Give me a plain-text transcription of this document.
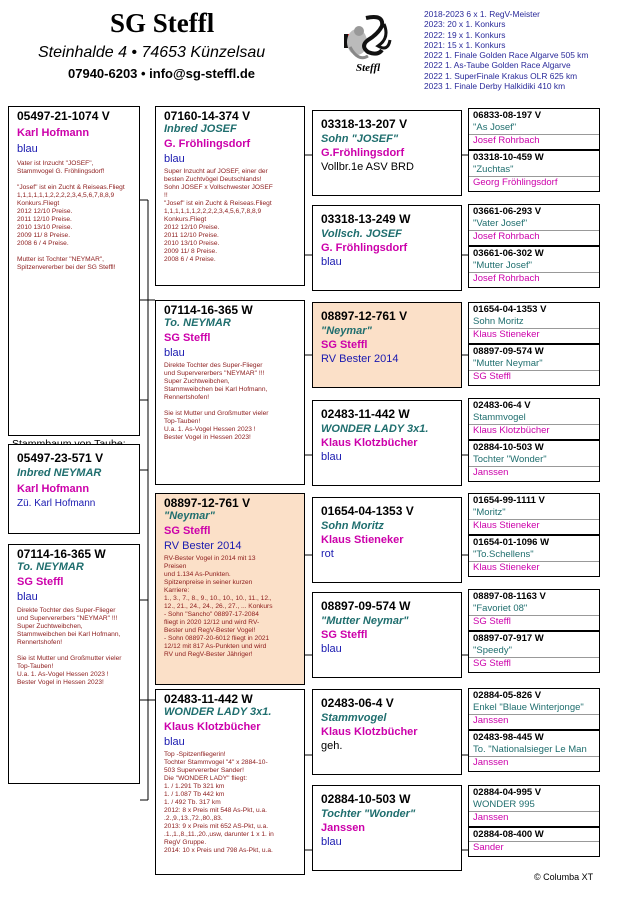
SG Steffl
Steinhalde 4 • 74653 Künzelsau
07940-6203 • info@sg-steffl.de	Steffl
2018-2023 6 x 1. RegV-Meister
2023: 20 x 1. Konkurs
2022: 19 x 1. Konkurs
2021: 15 x 1. Konkurs
2022 1. Finale Golden Race Algarve 505 km
2022 1. As-Taube Golden Race Algarve
2022 1. SuperFinale Krakus OLR 625 km
2023 1. Finale Derby Halkidiki 410 km
05497-21-1074 V
Karl Hofmann
blau
Vater ist Inzucht "JOSEF",
Stammvogel G. Fröhlingsdorf!

"Josef" ist ein Zucht & Reiseas.Fliegt
1,1,1,1,1,1,2,2,2,2,3,4,5,6,7,8,8,9
Konkurs.Fliegt
2012 12/10 Preise.
2011 12/10 Preise.
2010 13/10 Preise.
2009 11/ 8 Preise.
2008 6 / 4 Preise.

Mutter ist Tochter "NEYMAR",
Spitzenvererber bei der SG Steffl!
05497-23-571 V
Inbred NEYMAR
Karl Hofmann
Zü. Karl Hofmann
07114-16-365 W
To. NEYMAR
SG Steffl
blau
Direkte Tochter des Super-Flieger
und Supervererbers "NEYMAR" !!!
Super Zuchtweibchen,
Stammweibchen bei Karl Hofmann,
Rennertshofen!

Sie ist Mutter und Großmutter vieler
Top-Tauben!
U.a. 1. As-Vogel Hessen 2023 !
Bester Vogel in Hessen 2023!
07160-14-374 V
Inbred JOSEF
G. Fröhlingsdorf
blau
Super Inzucht auf JOSEF, einer der
besten Zuchtvögel Deutschlands!
Sohn JOSEF x Vollschwester JOSEF
!!
"Josef" ist ein Zucht & Reiseas.Fliegt
1,1,1,1,1,1,2,2,2,2,3,4,5,6,7,8,8,9
Konkurs.Fliegt
2012 12/10 Preise.
2011 12/10 Preise.
2010 13/10 Preise.
2009 11/ 8 Preise.
2008 6 / 4 Preise.
07114-16-365 W
To. NEYMAR
SG Steffl
blau
Direkte Tochter des Super-Flieger
und Supervererbers "NEYMAR" !!!
Super Zuchtweibchen,
Stammweibchen bei Karl Hofmann,
Rennertshofen!

Sie ist Mutter und Großmutter vieler
Top-Tauben!
U.a. 1. As-Vogel Hessen 2023 !
Bester Vogel in Hessen 2023!
08897-12-761 V
"Neymar"
SG Steffl
RV Bester 2014
RV-Bester Vogel in 2014 mit 13
Preisen
und 1.134 As-Punkten.
Spitzenpreise in seiner kurzen
Karriere:
1., 3., 7., 8., 9., 10., 10., 10., 11., 12.,
12., 21., 24., 24., 26., 27., ... Konkurs
- Sohn "Sancho" 08897-17-2084
fliegt in 2020 12/12 und wird RV-
Bester und RegV-Bester Vogel!
- Sohn 08897-20-6012 fliegt in 2021
12/12 mit 817 As-Punkten und wird
RV und RegV-Bester Jähriger!
02483-11-442 W
WONDER LADY 3x1.
Klaus Klotzbücher
blau
Top -Spitzenfliegerin!
Tochter Stammvogel "4" x 2884-10-
503 Supervererber Sander!
Die "WONDER LADY" fliegt:
1. / 1.291 Tb 321 km
1. / 1.087 Tb 442 km
1. / 492 Tb. 317 km
2012: 8 x Preis mit 548 As-Pkt, u.a.
.2.,9.,13.,72.,80.,83.
2013: 9 x Preis mit 652 AS-Pkt, u.a.
.1.,1.,8.,11.,20.,usw, darunter 1 x 1. in
RegV Gruppe.
2014: 10 x Preis und 798 As-Pkt, u.a.
03318-13-207 V
Sohn "JOSEF"
G.Fröhlingsdorf
Vollbr.1e ASV BRD
03318-13-249 W
Vollsch. JOSEF
G. Fröhlingsdorf
blau
08897-12-761 V
"Neymar"
SG Steffl
RV Bester 2014
02483-11-442 W
WONDER LADY 3x1.
Klaus Klotzbücher
blau
01654-04-1353 V
Sohn Moritz
Klaus Stieneker
rot
08897-09-574 W
"Mutter Neymar"
SG Steffl
blau
02483-06-4 V
Stammvogel
Klaus Klotzbücher
geh.
02884-10-503 W
Tochter "Wonder"
Janssen
blau
06833-08-197 V
"As Josef"
Josef Rohrbach
03318-10-459 W
"Zuchtas"
Georg Fröhlingsdorf
03661-06-293 V
"Vater Josef"
Josef Rohrbach
03661-06-302 W
"Mutter Josef"
Josef Rohrbach
01654-04-1353 V
Sohn Moritz
Klaus Stieneker
08897-09-574 W
"Mutter Neymar"
SG Steffl
02483-06-4 V
Stammvogel
Klaus Klotzbücher
02884-10-503 W
Tochter "Wonder"
Janssen
01654-99-1111 V
"Moritz"
Klaus Stieneker
01654-01-1096 W
"To.Schellens"
Klaus Stieneker
08897-08-1163 V
"Favoriet 08"
SG Steffl
08897-07-917 W
"Speedy"
SG Steffl
02884-05-826 V
Enkel "Blaue Winterjonge"
Janssen
02483-98-445 W
To. "Nationalsieger Le Man
Janssen
02884-04-995 V
WONDER 995
Janssen
02884-08-400 W
Sander
© Columba XT
